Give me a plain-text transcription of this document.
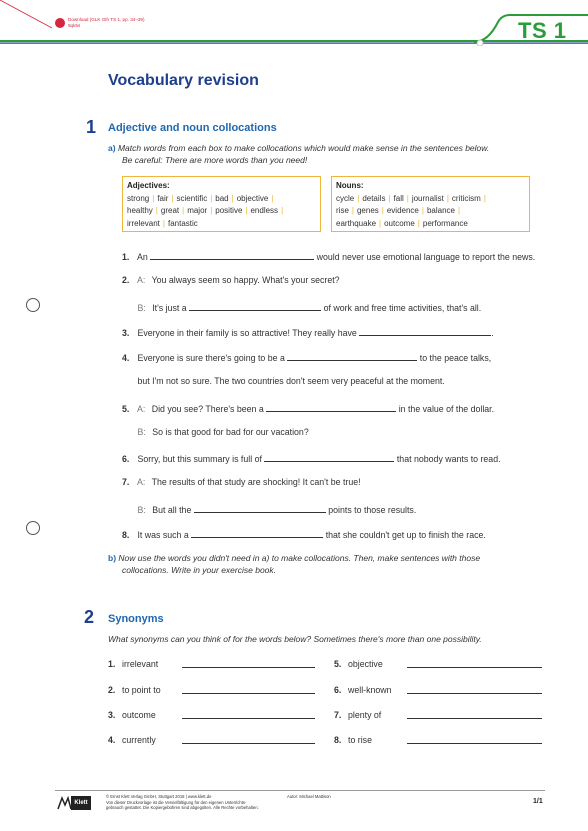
Download (GLK Gth TS 1, pp. 34–39)
9qk5s	TS 1
Vocabulary revision
1 Adjective and noun collocations
a) Match words from each box to make collocations which would make sense in the sentences below.
Be careful: There are more words than you need!
Adjectives:
strong | fair | scientific | bad | objective |
healthy | great | major | positive | endless |
irrelevant | fantastic
Nouns:
cycle | details | fall | journalist | criticism |
rise | genes | evidence | balance |
earthquake | outcome | performance
1. An	would never use emotional language to report the news.
2. A: You always seem so happy. What's your secret?
B: It's just a	of work and free time activities, that's all.
3. Everyone in their family is so attractive! They really have	.
4. Everyone is sure there's going to be a	to the peace talks,
but I'm not so sure. The two countries don't seem very peaceful at the moment.
5. A: Did you see? There's been a	in the value of the dollar.
B: So is that good for bad for our vacation?
6. Sorry, but this summary is full of	that nobody wants to read.
7. A: The results of that study are shocking! It can't be true!
B: But all the	points to those results.
8. It was such a	that she couldn't get up to finish the race.
b) Now use the words you didn't need in a) to make collocations. Then, make sentences with those
collocations. Write in your exercise book.
2 Synonyms
What synonyms can you think of for the words below? Sometimes there's more than one possibility.
1. irrelevant
2. to point to
3. outcome
4. currently
5. objective
6. well-known
7. plenty of
8. to rise
Klett
© Ernst Klett Verlag GmbH, Stuttgart 2018 | www.klett.de
Von dieser Druckvorlage ist die Vervielfältigung für den eigenen Unterrichts-
gebrauch gestattet. Die Kopiergebühren sind abgegolten. Alle Rechte vorbehalten.
Autor: Michael Mattison
1/1
